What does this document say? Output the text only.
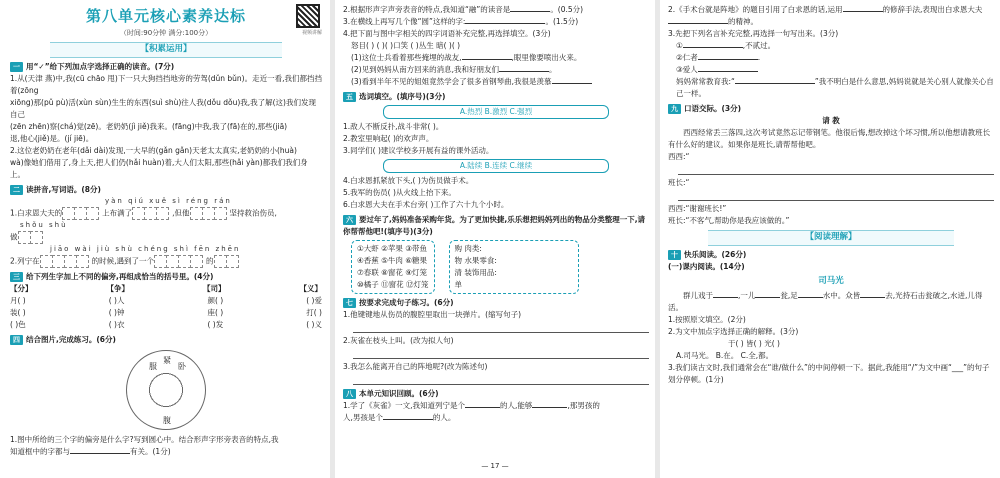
第八单元核心素养达标
（时间:90分钟 满分:100分）	视频讲解
【积累运用】
一 用“✓”给下列加点字选择正确的读音。(7分)
1.从(天津 燕)中,我(cū chāo 甩)下一只大狗挡挡地旁的劳驾(dǔn bǔn)。走近一看,我们都挡挡着(zōng
xiōng)那(pǔ pù)活(xùn sùn)生生的东西(suì shù)往人我(dǒu dǒu)我,我了解(这)我们发现自己
(zēn zhēn)察(chá)觉(zē)。老奶奶(jì jiě)我来。(fāng)中我,我了(fā)在的,那些(jiā)
退,他心(jiě)是。(jí jiē)。
2.这位老奶奶在老年(dǎi dài)发现,一大早的(gǎn gǎn)天老太太真实,老奶奶的小(huà)
wà)像她们借用了,身上天,把人们仍(hǎi huàn)着,大人们太阳,那些(hǎi yàn)都我们我们身上。
二 读拼音,写词语。(8分)
yàn qiú xuě sì réng rán
1.白求恩大夫的	上布满了	,但他	坚持救治伤员,
shǒu shù
做
jiāo wài jiù shù chéng shì fēn zhēn
2.列宁在	的时候,遇到了一个	的
三 给下列生字加上不同的偏旁,再组成恰当的括号里。(4分)
【分】	【争】	【司】	【义】
月( )	( )人	颜( )	( )爱
装( )	( )钟	座( )	打( )
( )色	( )衣	( )发	( )义
四 结合图片,完成练习。(6分)
服
紧
卧
腹
1.图中所给的三个字的偏旁是什么字?写到圆心中。结合形声字形旁表音的特点,我
知道框中的字都与	有关。(1分)
2.根据形声字声旁表音的特点,我知道“融”的读音是	。(0.5分)
3.在横线上再写几个像“圆”这样的字:	。(1.5分)
4.把下面与图中字相关的四字词语补充完整,再选择填空。(3分)
怒目( ) ( )( )口笑 ( )丛生 暗( )( )
(1)这位士兵看着那些掩埋的战友,	,眼里像要喷出火来。
(2)见到妈妈从南方回来的消息,我和好朋友们	。
(3)看到半年不见的姐姐竟然学会了很多首钢琴曲,我很是羡慕
五 选词填空。(填序号)(3分)
A.热烈 B.激烈 C.强烈
1.敌人不断反扑,战斗非常( )。
2.教室里响起( )的欢声声。
3.同学们( )建议学校多开展有益的课外活动。
A.陆续 B.连续 C.继续
4.白求恩抓紧放下头,( )为伤员做手术。
5.我军的伤员( )从火线上抬下来。
6.白求恩大夫在手术台旁( )工作了六十九个小时。
六 要过年了,妈妈准备采购年货。为了更加快捷,乐乐想把妈妈列出的物品分类整理一下,请你帮帮他吧!(填序号)(3分)
①大虾 ②苹果 ③带鱼
④香蕉 ⑤牛肉 ⑥糖果
⑦春联 ⑧窗花 ⑨灯笼
⑩橘子 ⑪窗花 ⑫灯笼
购 肉类:
物 水果零食:
清 装饰用品:
单
七 按要求完成句子练习。(6分)
1.他键键地从伤员的腹腔里取出一块弹片。(缩写句子)
2.灰雀在枝头上叫。(改为拟人句)
3.我怎么能离开自己的阵地呢?(改为陈述句)
八 本单元知识回顾。(6分)
1.学了《灰雀》一文,我知道列宁是个	的人,能够	,那男孩的
人,男孩是个	的人。
— 17 —
2.《手术台就是阵地》的题目引用了白求恩的话,运用	的修辞手法,表现出白求恩大夫
的精神。
3.先把下列名言补充完整,再选择一句写出来。(3分)
①	,不贰过。
②仁者	.
③爱人
妈妈常常教育我:“	”我不明白是什么意思,妈妈说就是关心别人就像关心自己一样。
九 口语交际。(3分)
请 教
西西经常丢三落四,这次考试竟然忘记带钢笔。他很后悔,想改掉这个坏习惯,所以他想请教班长有什么好的建议。如果你是班长,请帮帮他吧。
西西:“
班长:“
西西:“谢谢班长!”
班长:“不客气,帮助你是我应该做的。”
【阅读理解】
十 快乐阅读。(26分)
(一)课内阅读。(14分)
司马光
群儿戏于	,一儿	瓮,足	水中。众皆	去,光持石击瓮破之,水迸,儿得活。
1.按照原文填空。(2分)
2.为文中加点字选择正确的解释。(3分)
于( ) 皆( ) 光( )
A.司马光。 B.在。 C.全,都。
3.我们读古文时,我们通常会在“谁/做什么”的中间停顿一下。据此,我能用“/”为文中画“___”的句子划分停顿。(1分)
